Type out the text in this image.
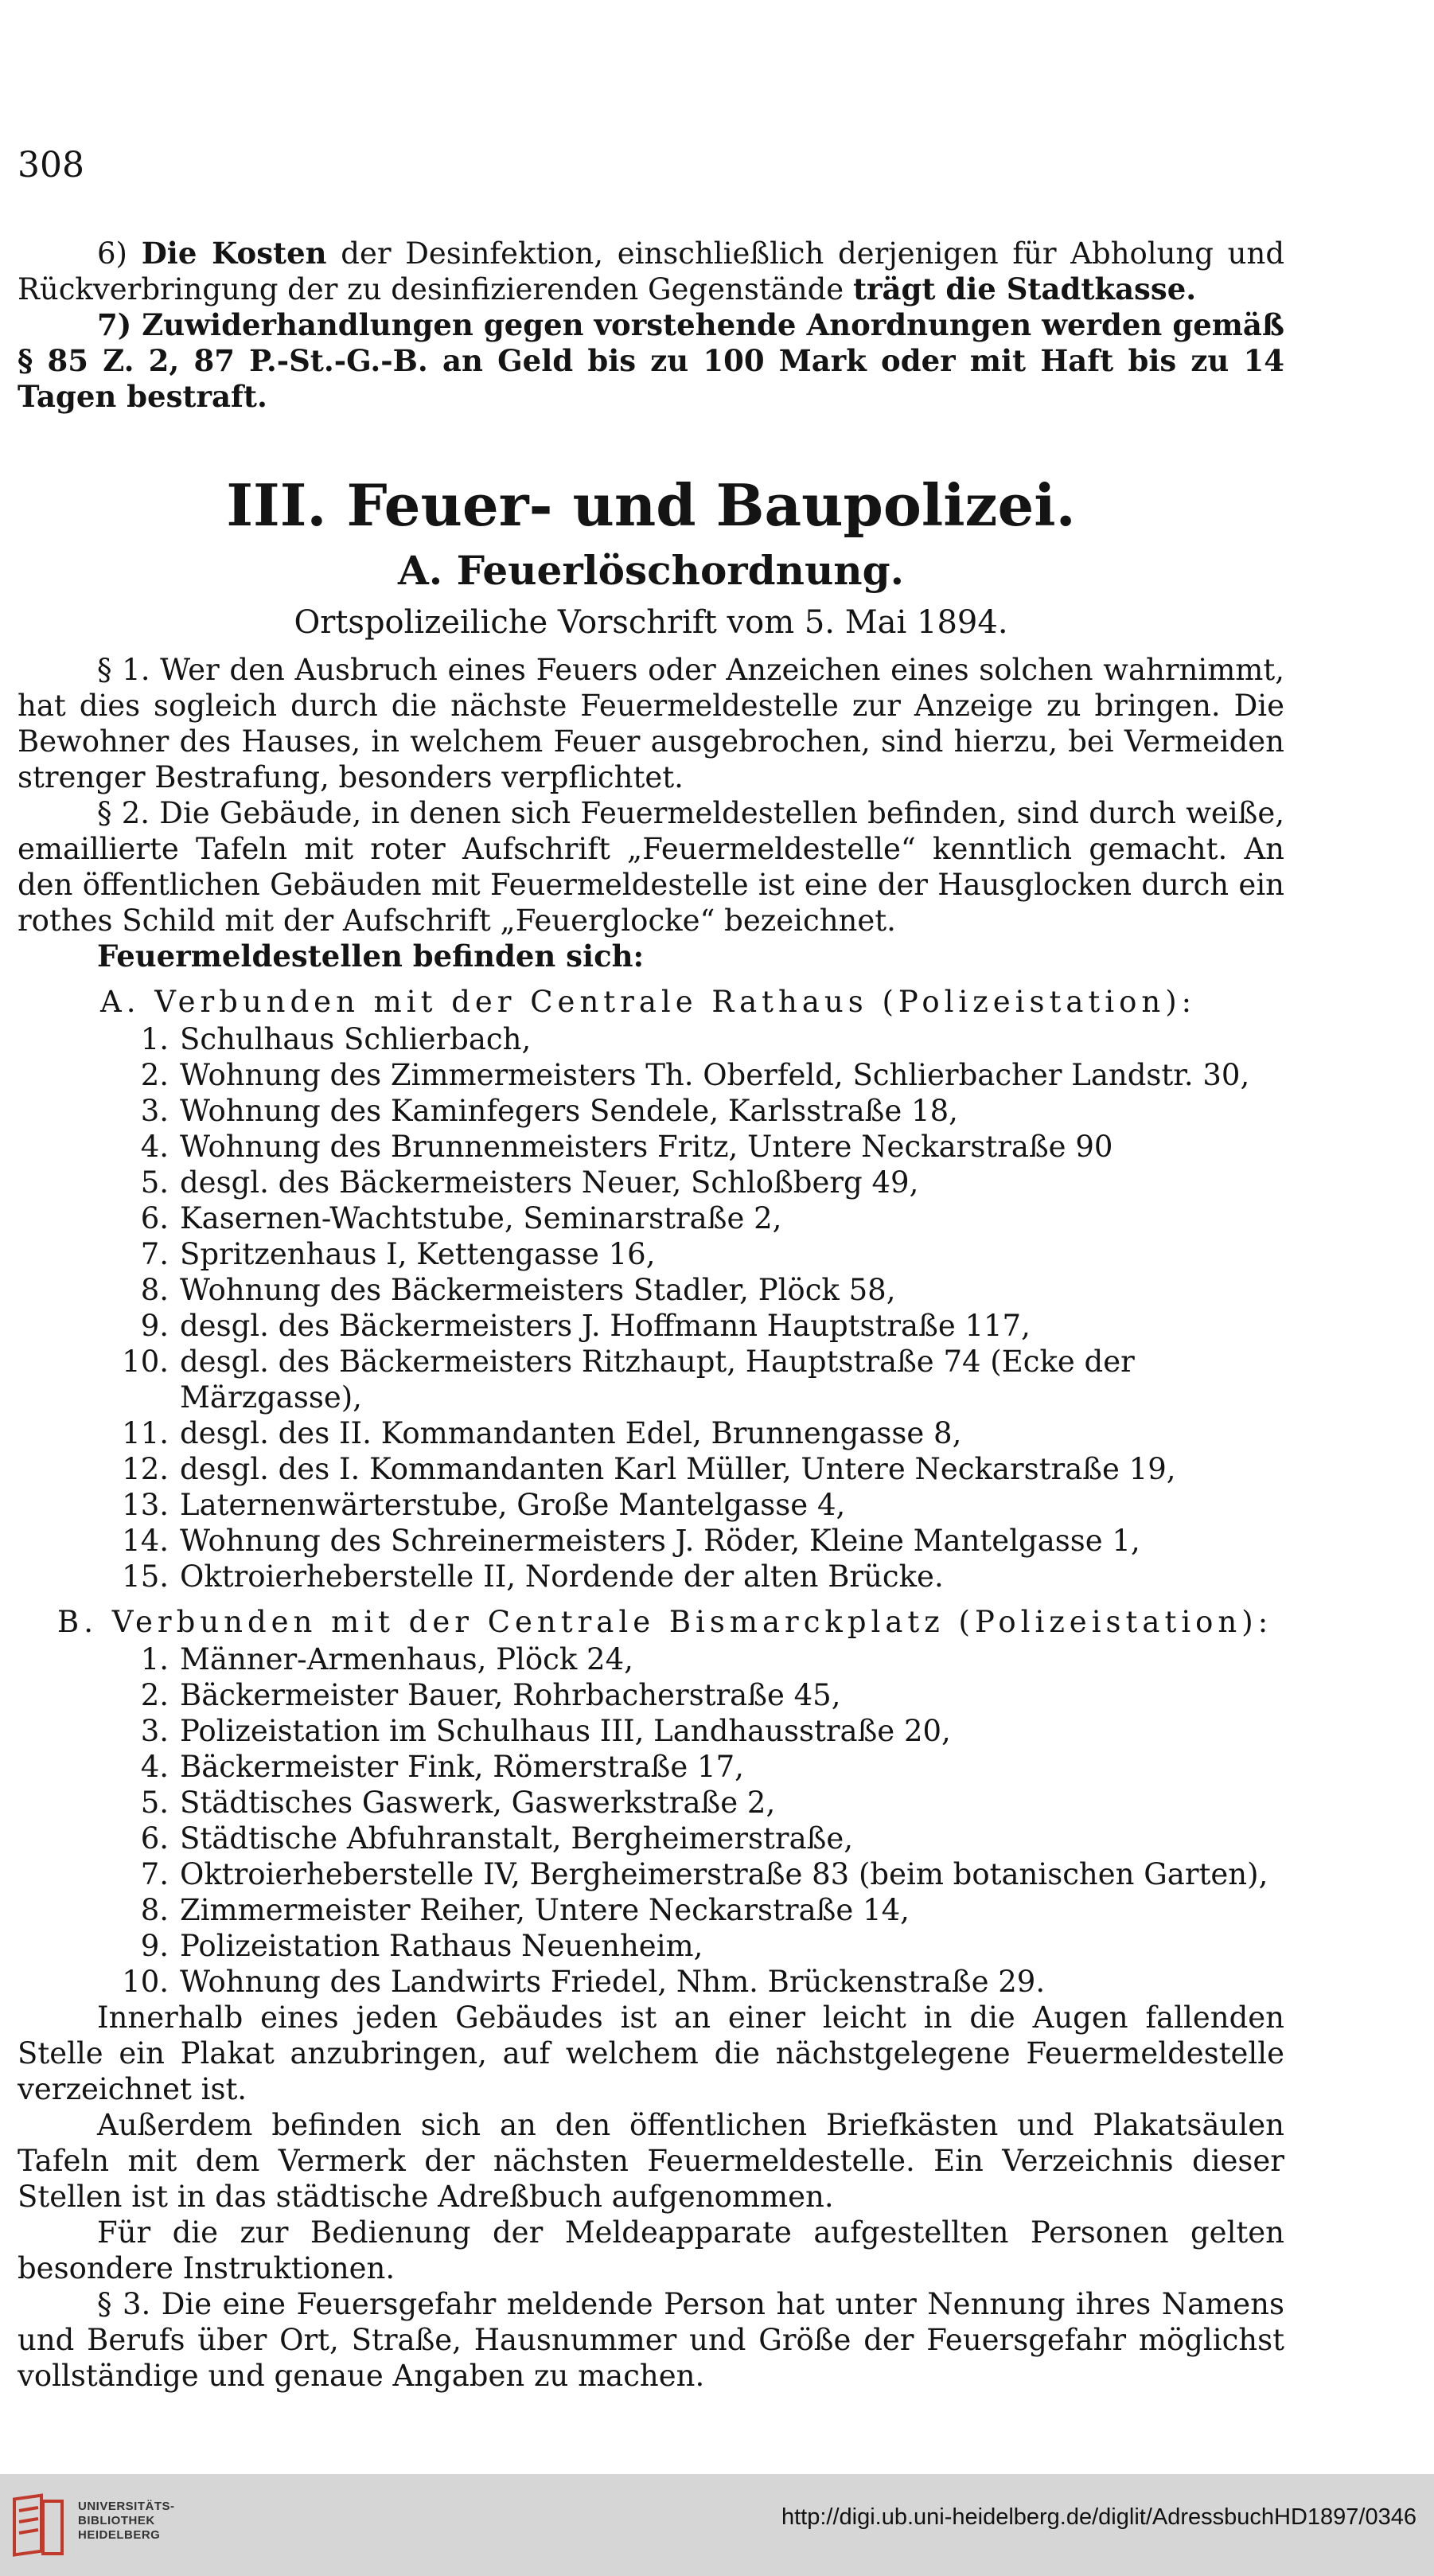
308

6) Die Kosten der Desinfektion, einschließlich derjenigen für Abholung und Rückverbringung der zu desinfizierenden Gegenstände trägt die Stadtkasse.

7) Zuwiderhandlungen gegen vorstehende Anordnungen werden gemäß § 85 Z. 2, 87 P.-St.-G.-B. an Geld bis zu 100 Mark oder mit Haft bis zu 14 Tagen bestraft.

III. Feuer- und Baupolizei.
A. Feuerlöschordnung.
Ortspolizeiliche Vorschrift vom 5. Mai 1894.

§ 1. Wer den Ausbruch eines Feuers oder Anzeichen eines solchen wahrnimmt, hat dies sogleich durch die nächste Feuermeldestelle zur Anzeige zu bringen. Die Bewohner des Hauses, in welchem Feuer ausgebrochen, sind hierzu, bei Vermeiden strenger Bestrafung, besonders verpflichtet.

§ 2. Die Gebäude, in denen sich Feuermeldestellen befinden, sind durch weiße, emaillierte Tafeln mit roter Aufschrift „Feuermeldestelle“ kenntlich gemacht. An den öffentlichen Gebäuden mit Feuermeldestelle ist eine der Hausglocken durch ein rothes Schild mit der Aufschrift „Feuerglocke“ bezeichnet.

Feuermeldestellen befinden sich:

A. Verbunden mit der Centrale Rathaus (Polizeistation):
1. Schulhaus Schlierbach,
2. Wohnung des Zimmermeisters Th. Oberfeld, Schlierbacher Landstr. 30,
3. Wohnung des Kaminfegers Sendele, Karlsstraße 18,
4. Wohnung des Brunnenmeisters Fritz, Untere Neckarstraße 90
5. desgl. des Bäckermeisters Neuer, Schloßberg 49,
6. Kasernen-Wachtstube, Seminarstraße 2,
7. Spritzenhaus I, Kettengasse 16,
8. Wohnung des Bäckermeisters Stadler, Plöck 58,
9. desgl. des Bäckermeisters J. Hoffmann Hauptstraße 117,
10. desgl. des Bäckermeisters Ritzhaupt, Hauptstraße 74 (Ecke der Märzgasse),
11. desgl. des II. Kommandanten Edel, Brunnengasse 8,
12. desgl. des I. Kommandanten Karl Müller, Untere Neckarstraße 19,
13. Laternenwärterstube, Große Mantelgasse 4,
14. Wohnung des Schreinermeisters J. Röder, Kleine Mantelgasse 1,
15. Oktroierheberstelle II, Nordende der alten Brücke.
B. Verbunden mit der Centrale Bismarckplatz (Polizeistation):
1. Männer-Armenhaus, Plöck 24,
2. Bäckermeister Bauer, Rohrbacherstraße 45,
3. Polizeistation im Schulhaus III, Landhausstraße 20,
4. Bäckermeister Fink, Römerstraße 17,
5. Städtisches Gaswerk, Gaswerkstraße 2,
6. Städtische Abfuhranstalt, Bergheimerstraße,
7. Oktroierheberstelle IV, Bergheimerstraße 83 (beim botanischen Garten),
8. Zimmermeister Reiher, Untere Neckarstraße 14,
9. Polizeistation Rathaus Neuenheim,
10. Wohnung des Landwirts Friedel, Nhm. Brückenstraße 29.

Innerhalb eines jeden Gebäudes ist an einer leicht in die Augen fallenden Stelle ein Plakat anzubringen, auf welchem die nächstgelegene Feuermeldestelle verzeichnet ist.

Außerdem befinden sich an den öffentlichen Briefkästen und Plakatsäulen Tafeln mit dem Vermerk der nächsten Feuermeldestelle. Ein Verzeichnis dieser Stellen ist in das städtische Adreßbuch aufgenommen.

Für die zur Bedienung der Meldeapparate aufgestellten Personen gelten besondere Instruktionen.

§ 3. Die eine Feuersgefahr meldende Person hat unter Nennung ihres Namens und Berufs über Ort, Straße, Hausnummer und Größe der Feuersgefahr möglichst vollständige und genaue Angaben zu machen.

UNIVERSITÄTS-
BIBLIOTHEK
HEIDELBERG
http://digi.ub.uni-heidelberg.de/diglit/AdressbuchHD1897/0346
